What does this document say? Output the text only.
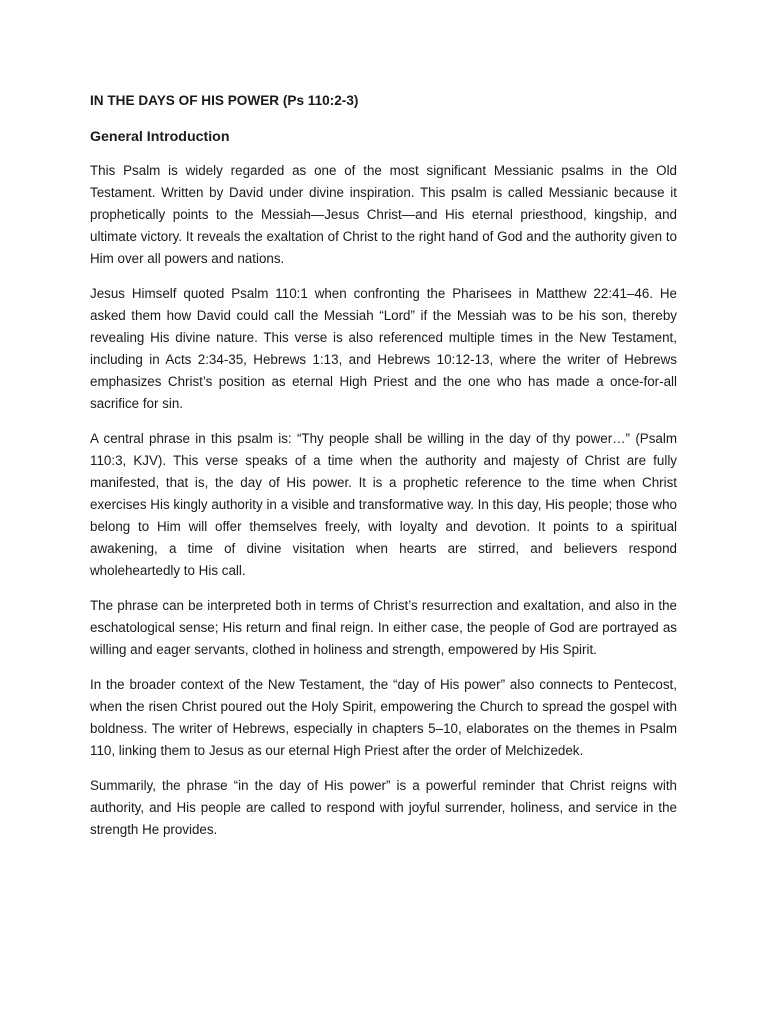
IN THE DAYS OF HIS POWER (Ps 110:2-3)
General Introduction

This Psalm is widely regarded as one of the most significant Messianic psalms in the Old Testament. Written by David under divine inspiration. This psalm is called Messianic because it prophetically points to the Messiah—Jesus Christ—and His eternal priesthood, kingship, and ultimate victory. It reveals the exaltation of Christ to the right hand of God and the authority given to Him over all powers and nations.

Jesus Himself quoted Psalm 110:1 when confronting the Pharisees in Matthew 22:41–46. He asked them how David could call the Messiah “Lord” if the Messiah was to be his son, thereby revealing His divine nature. This verse is also referenced multiple times in the New Testament, including in Acts 2:34-35, Hebrews 1:13, and Hebrews 10:12-13, where the writer of Hebrews emphasizes Christ’s position as eternal High Priest and the one who has made a once-for-all sacrifice for sin.

A central phrase in this psalm is: “Thy people shall be willing in the day of thy power…” (Psalm 110:3, KJV). This verse speaks of a time when the authority and majesty of Christ are fully manifested, that is, the day of His power. It is a prophetic reference to the time when Christ exercises His kingly authority in a visible and transformative way. In this day, His people; those who belong to Him will offer themselves freely, with loyalty and devotion. It points to a spiritual awakening, a time of divine visitation when hearts are stirred, and believers respond wholeheartedly to His call.

The phrase can be interpreted both in terms of Christ’s resurrection and exaltation, and also in the eschatological sense; His return and final reign. In either case, the people of God are portrayed as willing and eager servants, clothed in holiness and strength, empowered by His Spirit.

In the broader context of the New Testament, the “day of His power” also connects to Pentecost, when the risen Christ poured out the Holy Spirit, empowering the Church to spread the gospel with boldness. The writer of Hebrews, especially in chapters 5–10, elaborates on the themes in Psalm 110, linking them to Jesus as our eternal High Priest after the order of Melchizedek.

Summarily, the phrase “in the day of His power” is a powerful reminder that Christ reigns with authority, and His people are called to respond with joyful surrender, holiness, and service in the strength He provides.
